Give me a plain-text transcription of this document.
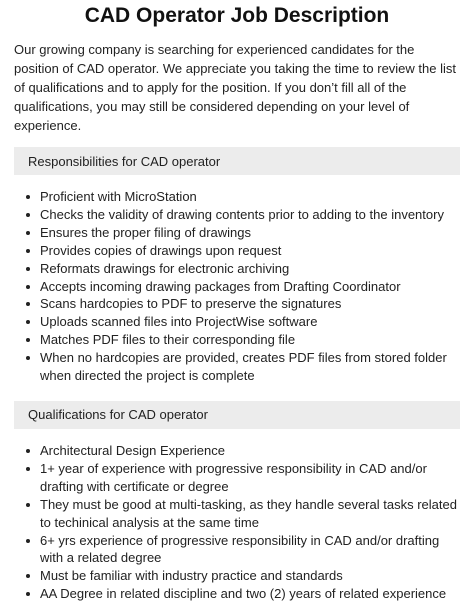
CAD Operator Job Description

Our growing company is searching for experienced candidates for the position of CAD operator. We appreciate you taking the time to review the list of qualifications and to apply for the position. If you don’t fill all of the qualifications, you may still be considered depending on your level of experience.

Responsibilities for CAD operator
Proficient with MicroStation
Checks the validity of drawing contents prior to adding to the inventory
Ensures the proper filing of drawings
Provides copies of drawings upon request
Reformats drawings for electronic archiving
Accepts incoming drawing packages from Drafting Coordinator
Scans hardcopies to PDF to preserve the signatures
Uploads scanned files into ProjectWise software
Matches PDF files to their corresponding file
When no hardcopies are provided, creates PDF files from stored folder when directed the project is complete
Qualifications for CAD operator
Architectural Design Experience
1+ year of experience with progressive responsibility in CAD and/or drafting with certificate or degree
They must be good at multi-tasking, as they handle several tasks related to techinical analysis at the same time
6+ yrs experience of progressive responsibility in CAD and/or drafting with a related degree
Must be familiar with industry practice and standards
AA Degree in related discipline and two (2) years of related experience
